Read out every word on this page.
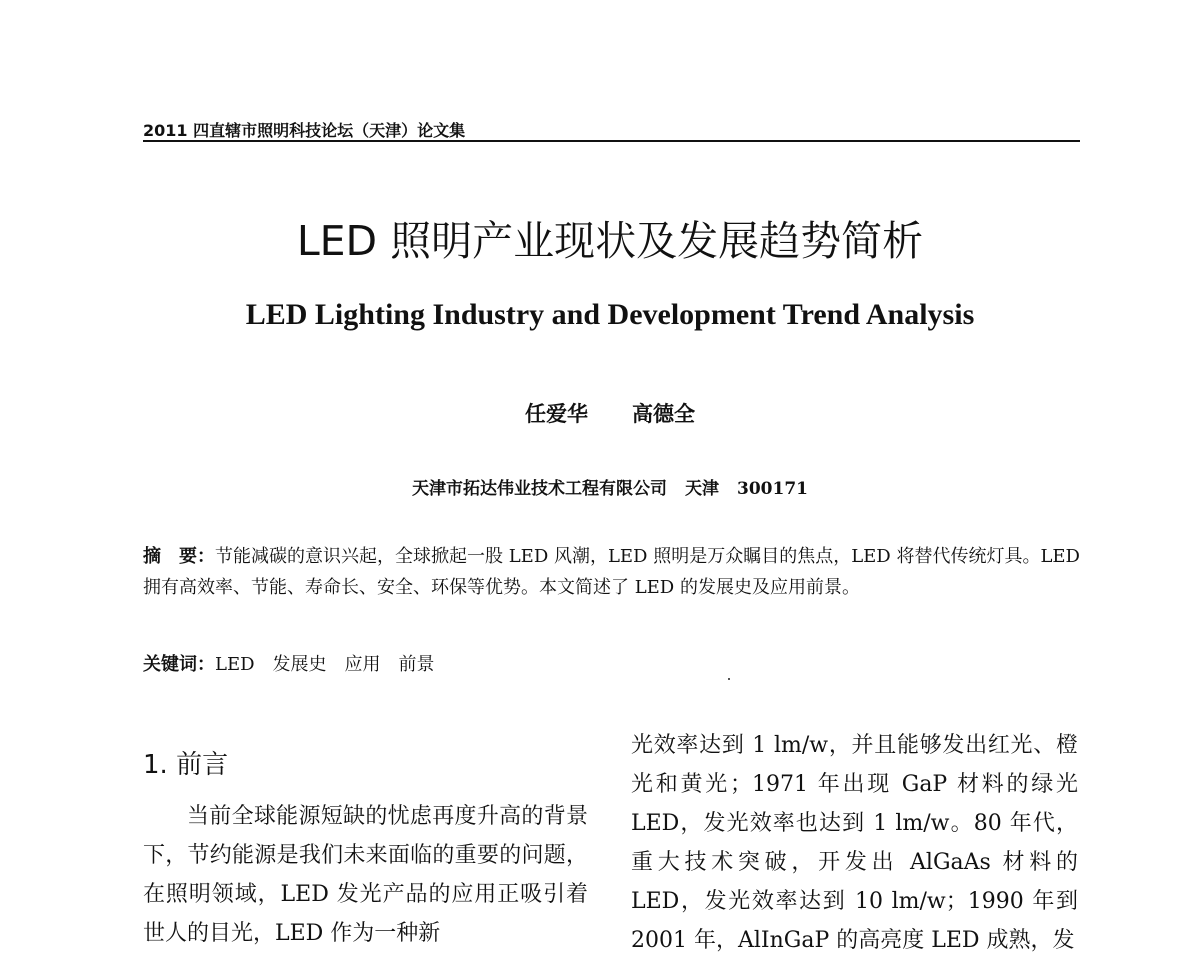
2011 四直辖市照明科技论坛（天津）论文集
LED 照明产业现状及发展趋势简析
LED Lighting Industry and Development Trend Analysis
任爱华 高德全
天津市拓达伟业技术工程有限公司 天津 300171
摘　要：节能减碳的意识兴起，全球掀起一股 LED 风潮，LED 照明是万众瞩目的焦点，LED 将替代传统灯具。LED 拥有高效率、节能、寿命长、安全、环保等优势。本文简述了 LED 的发展史及应用前景。
关键词：LED 发展史 应用 前景
1. 前言
当前全球能源短缺的忧虑再度升高的背景下，节约能源是我们未来面临的重要的问题，在照明领域，LED 发光产品的应用正吸引着世人的目光，LED 作为一种新
光效率达到 1 lm/w，并且能够发出红光、橙光和黄光；1971 年出现 GaP 材料的绿光 LED，发光效率也达到 1 lm/w。80 年代，重大技术突破，开发出 AlGaAs 材料的 LED，发光效率达到 10 lm/w；1990 年到 2001 年，AlInGaP 的高亮度 LED 成熟，发
